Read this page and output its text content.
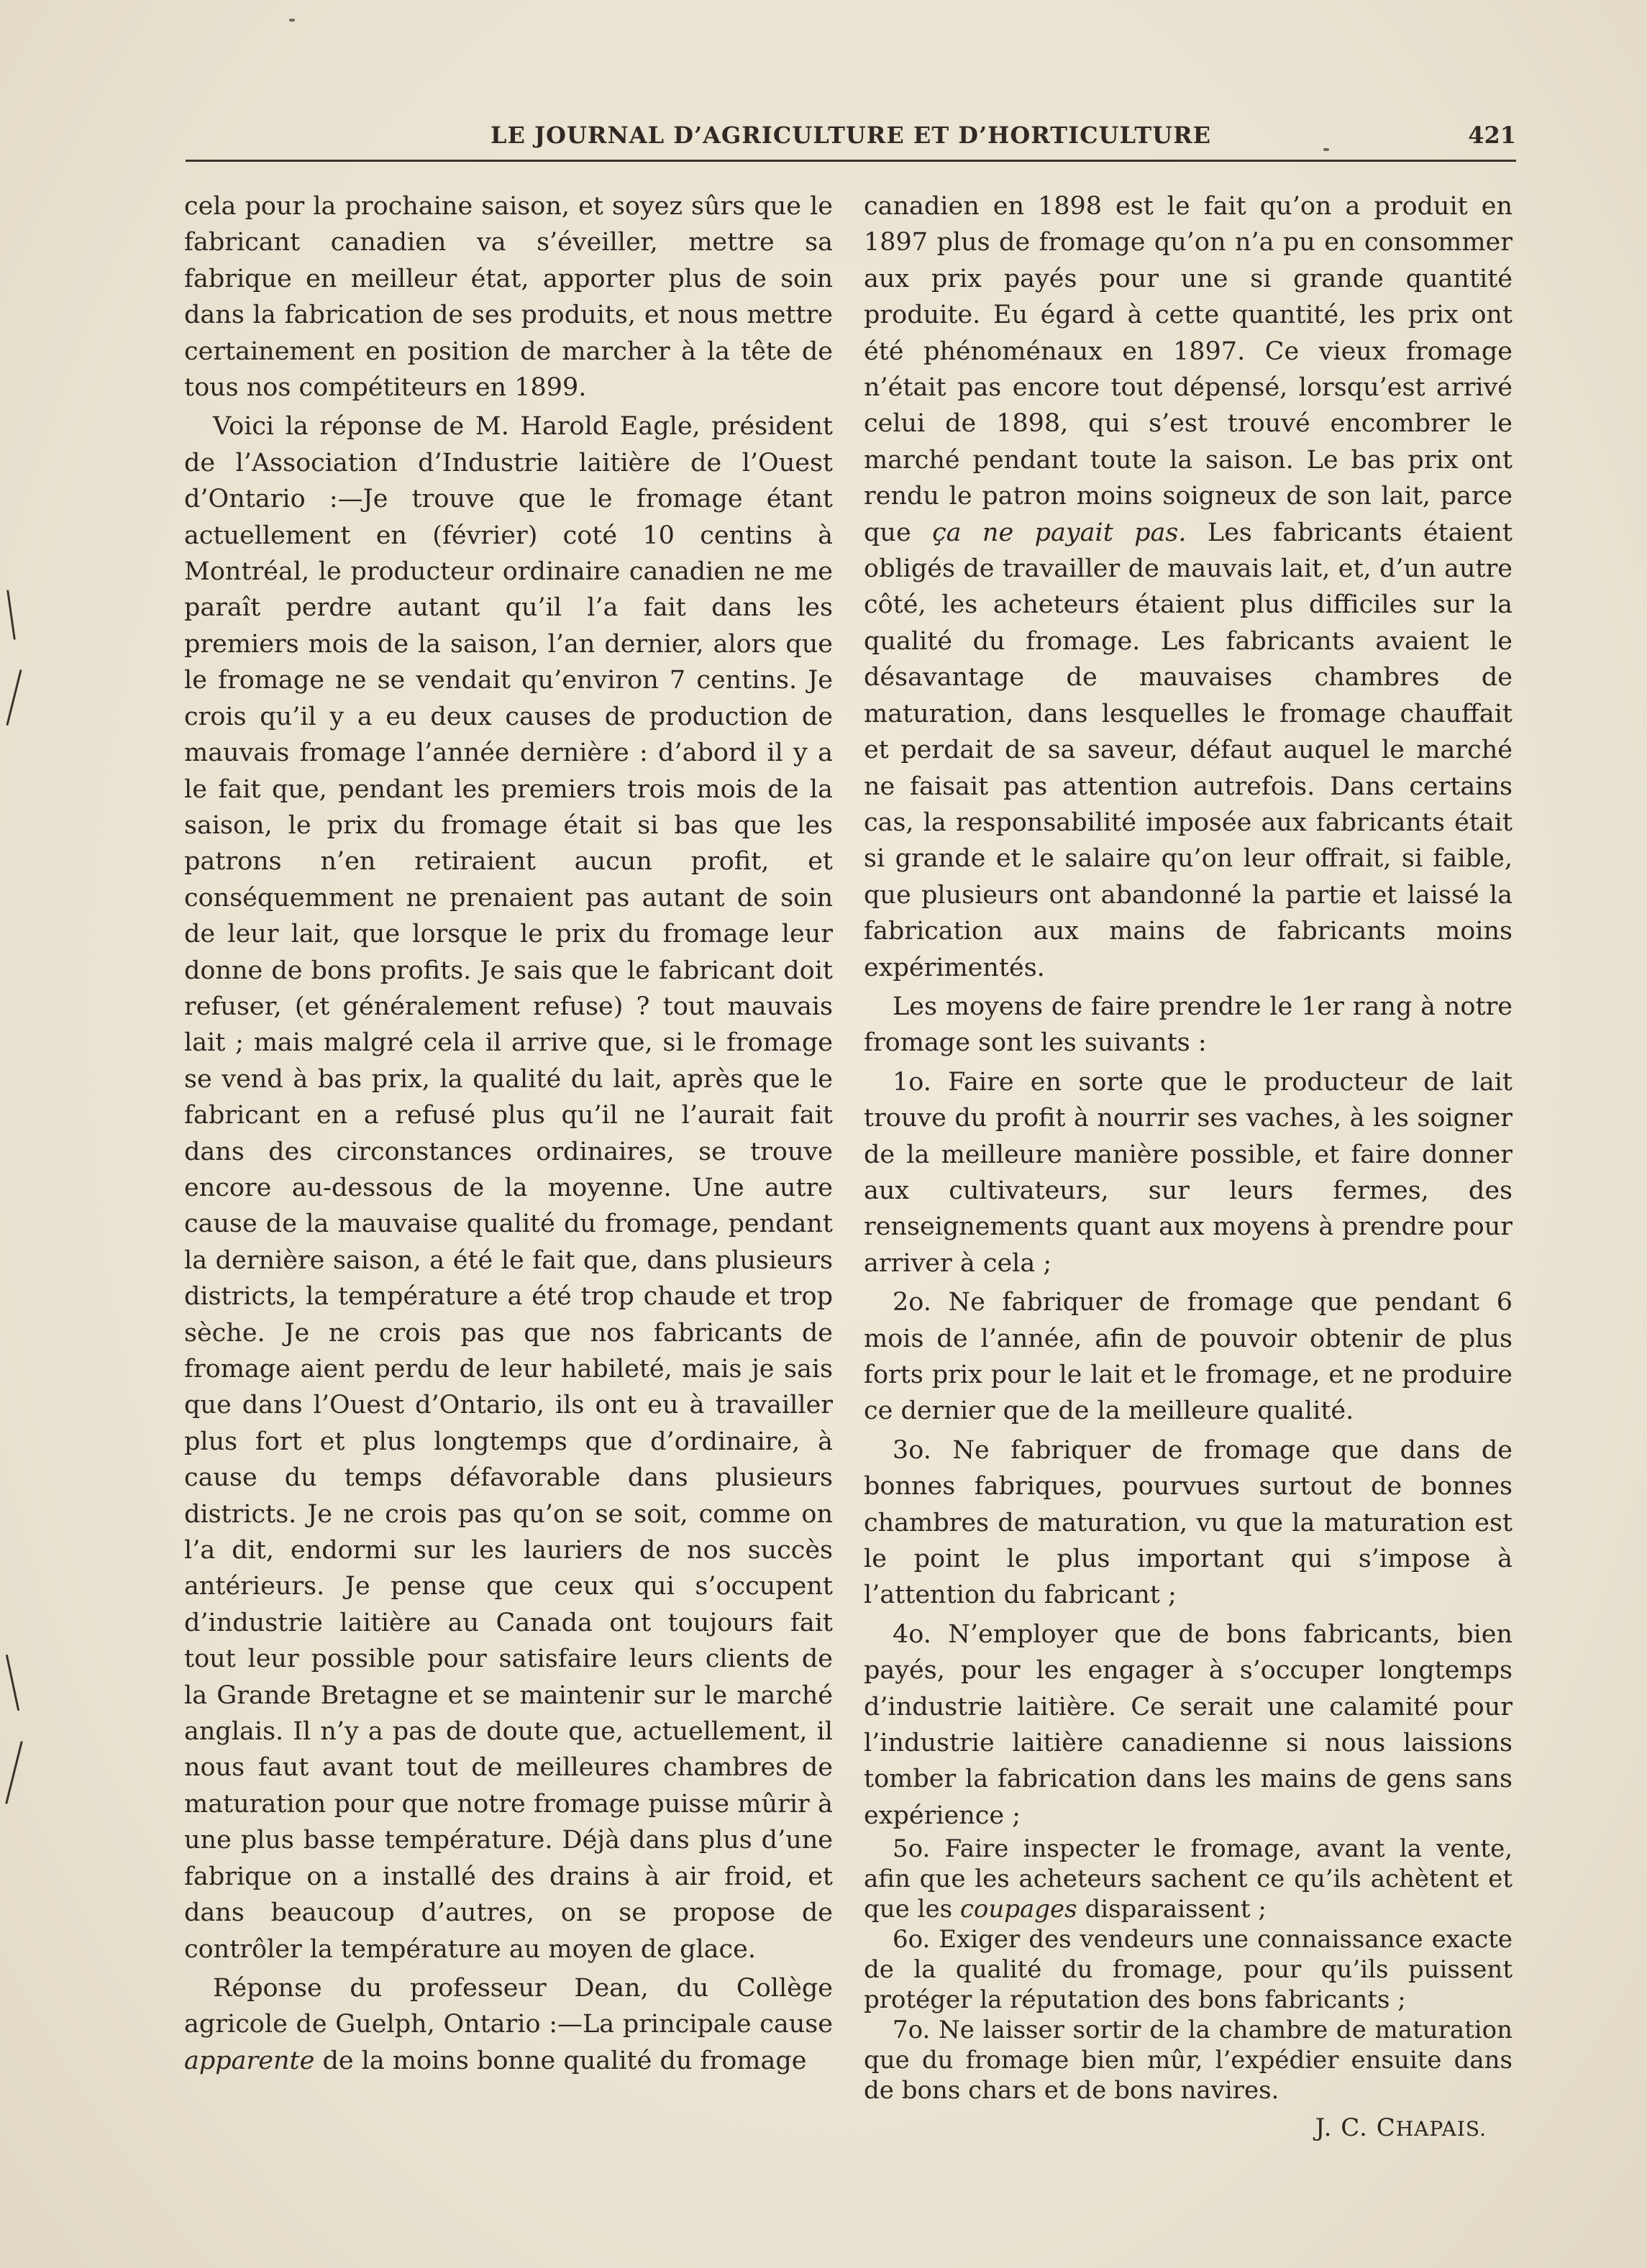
LE JOURNAL D’AGRICULTURE ET D’HORTICULTURE	421

cela pour la prochaine saison, et soyez sûrs que le fabricant canadien va s’éveiller, mettre sa fabrique en meilleur état, apporter plus de soin dans la fabrication de ses produits, et nous mettre certainement en position de marcher à la tête de tous nos compétiteurs en 1899.

Voici la réponse de M. Harold Eagle, président de l’Association d’Industrie laitière de l’Ouest d’Ontario :—Je trouve que le fromage étant actuellement en (février) coté 10 centins à Montréal, le producteur ordinaire canadien ne me paraît perdre autant qu’il l’a fait dans les premiers mois de la saison, l’an dernier, alors que le fromage ne se vendait qu’environ 7 centins. Je crois qu’il y a eu deux causes de production de mauvais fromage l’année dernière : d’abord il y a le fait que, pendant les premiers trois mois de la saison, le prix du fromage était si bas que les patrons n’en retiraient aucun profit, et conséquemment ne prenaient pas autant de soin de leur lait, que lorsque le prix du fromage leur donne de bons profits. Je sais que le fabricant doit refuser, (et généralement refuse) ? tout mauvais lait ; mais malgré cela il arrive que, si le fromage se vend à bas prix, la qualité du lait, après que le fabricant en a refusé plus qu’il ne l’aurait fait dans des circonstances ordinaires, se trouve encore au-dessous de la moyenne. Une autre cause de la mauvaise qualité du fromage, pendant la dernière saison, a été le fait que, dans plusieurs districts, la température a été trop chaude et trop sèche. Je ne crois pas que nos fabricants de fromage aient perdu de leur habileté, mais je sais que dans l’Ouest d’Ontario, ils ont eu à travailler plus fort et plus longtemps que d’ordinaire, à cause du temps défavorable dans plusieurs districts. Je ne crois pas qu’on se soit, comme on l’a dit, endormi sur les lauriers de nos succès antérieurs. Je pense que ceux qui s’occupent d’industrie laitière au Canada ont toujours fait tout leur possible pour satisfaire leurs clients de la Grande Bretagne et se maintenir sur le marché anglais. Il n’y a pas de doute que, actuellement, il nous faut avant tout de meilleures chambres de maturation pour que notre fromage puisse mûrir à une plus basse température. Déjà dans plus d’une fabrique on a installé des drains à air froid, et dans beaucoup d’autres, on se propose de contrôler la température au moyen de glace.

Réponse du professeur Dean, du Collège agricole de Guelph, Ontario :—La principale cause apparente de la moins bonne qualité du fromage

canadien en 1898 est le fait qu’on a produit en 1897 plus de fromage qu’on n’a pu en consommer aux prix payés pour une si grande quantité produite. Eu égard à cette quantité, les prix ont été phénoménaux en 1897. Ce vieux fromage n’était pas encore tout dépensé, lorsqu’est arrivé celui de 1898, qui s’est trouvé encombrer le marché pendant toute la saison. Le bas prix ont rendu le patron moins soigneux de son lait, parce que ça ne payait pas. Les fabricants étaient obligés de travailler de mauvais lait, et, d’un autre côté, les acheteurs étaient plus difficiles sur la qualité du fromage. Les fabricants avaient le désavantage de mauvaises chambres de maturation, dans lesquelles le fromage chauffait et perdait de sa saveur, défaut auquel le marché ne faisait pas attention autrefois. Dans certains cas, la responsabilité imposée aux fabricants était si grande et le salaire qu’on leur offrait, si faible, que plusieurs ont abandonné la partie et laissé la fabrication aux mains de fabricants moins expérimentés.

Les moyens de faire prendre le 1er rang à notre fromage sont les suivants :

1o. Faire en sorte que le producteur de lait trouve du profit à nourrir ses vaches, à les soigner de la meilleure manière possible, et faire donner aux cultivateurs, sur leurs fermes, des renseignements quant aux moyens à prendre pour arriver à cela ;

2o. Ne fabriquer de fromage que pendant 6 mois de l’année, afin de pouvoir obtenir de plus forts prix pour le lait et le fromage, et ne produire ce dernier que de la meilleure qualité.

3o. Ne fabriquer de fromage que dans de bonnes fabriques, pourvues surtout de bonnes chambres de maturation, vu que la maturation est le point le plus important qui s’impose à l’attention du fabricant ;

4o. N’employer que de bons fabricants, bien payés, pour les engager à s’occuper longtemps d’industrie laitière. Ce serait une calamité pour l’industrie laitière canadienne si nous laissions tomber la fabrication dans les mains de gens sans expérience ;

5o. Faire inspecter le fromage, avant la vente, afin que les acheteurs sachent ce qu’ils achètent et que les coupages disparaissent ;

6o. Exiger des vendeurs une connaissance exacte de la qualité du fromage, pour qu’ils puissent protéger la réputation des bons fabricants ;

7o. Ne laisser sortir de la chambre de maturation que du fromage bien mûr, l’expédier ensuite dans de bons chars et de bons navires.

J. C. CHAPAIS.
